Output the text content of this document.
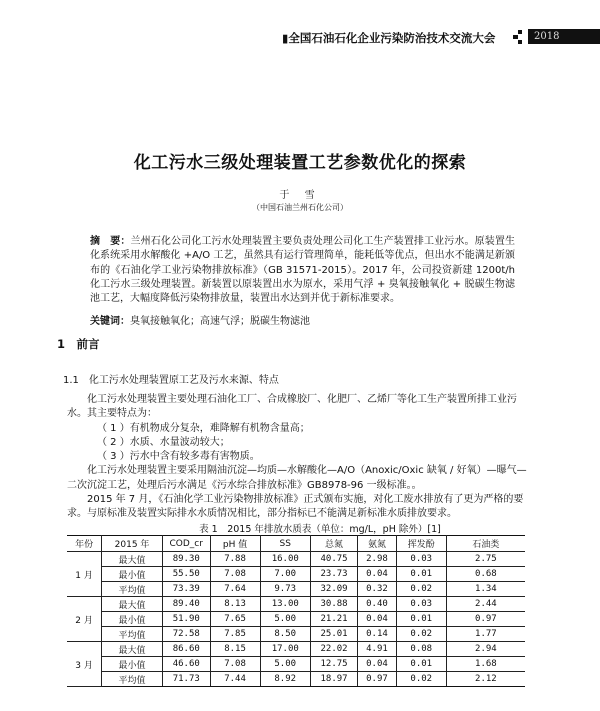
▮全国石油石化企业污染防治技术交流大会	2018
化工污水三级处理装置工艺参数优化的探索
于 雪
（中国石油兰州石化公司）
摘　要：兰州石化公司化工污水处理装置主要负责处理公司化工生产装置排工业污水。原装置生化系统采用水解酸化 +A/O 工艺，虽然具有运行管理简单，能耗低等优点，但出水不能满足新颁布的《石油化学工业污染物排放标准》（GB 31571-2015）。2017 年，公司投资新建 1200t/h 化工污水三级处理装置。新装置以原装置出水为原水，采用气浮 + 臭氧接触氧化 + 脱碳生物滤池工艺，大幅度降低污染物排放量，装置出水达到并优于新标准要求。
关键词：臭氧接触氧化；高速气浮；脱碳生物滤池
1　前言
1.1　化工污水处理装置原工艺及污水来源、特点

化工污水处理装置主要处理石油化工厂、合成橡胶厂、化肥厂、乙烯厂等化工生产装置所排工业污水。其主要特点为：

（ 1 ）有机物成分复杂，难降解有机物含量高；

（ 2 ）水质、水量波动较大；

（ 3 ）污水中含有较多毒有害物质。

化工污水处理装置主要采用隔油沉淀—均质—水解酸化—A/O（Anoxic/Oxic 缺氧 / 好氧）—曝气—二次沉淀工艺，处理后污水满足《污水综合排放标准》GB8978-96 一级标准。。

2015 年 7 月，《石油化学工业污染物排放标准》正式颁布实施，对化工废水排放有了更为严格的要求。与原标准及装置实际排水水质情况相比，部分指标已不能满足新标准水质排放要求。

表 1　2015 年排放水质表（单位：mg/L，pH 除外）[1]
年份	2015 年	COD_cr	pH 值	SS	总氮	氨氮	挥发酚	石油类
1 月	最大值	89.30	7.88	16.00	40.75	2.98	0.03	2.75
	最小值	55.50	7.08	7.00	23.73	0.04	0.01	0.68
	平均值	73.39	7.64	9.73	32.09	0.32	0.02	1.34
2 月	最大值	89.40	8.13	13.00	30.88	0.40	0.03	2.44
	最小值	51.90	7.65	5.00	21.21	0.04	0.01	0.97
	平均值	72.58	7.85	8.50	25.01	0.14	0.02	1.77
3 月	最大值	86.60	8.15	17.00	22.02	4.91	0.08	2.94
	最小值	46.60	7.08	5.00	12.75	0.04	0.01	1.68
	平均值	71.73	7.44	8.92	18.97	0.97	0.02	2.12
